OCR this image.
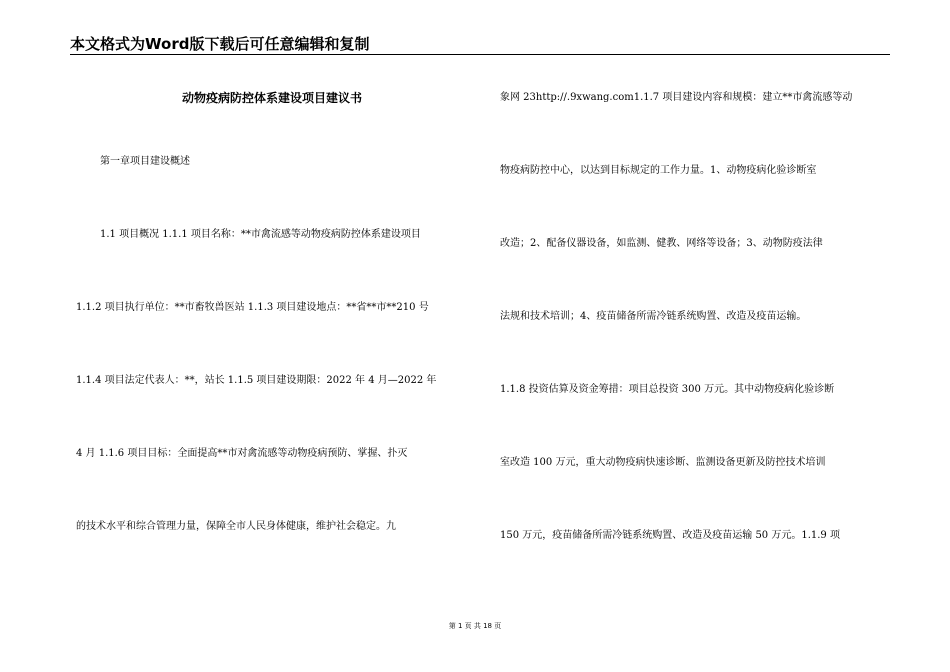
本文格式为Word版下载后可任意编辑和复制
动物疫病防控体系建设项目建议书
第一章项目建设概述
1.1 项目概况 1.1.1 项目名称：**市禽流感等动物疫病防控体系建设项目
1.1.2 项目执行单位：**市畜牧兽医站 1.1.3 项目建设地点：**省**市**210 号
1.1.4 项目法定代表人：**，站长 1.1.5 项目建设期限：2022 年 4 月—2022 年
4 月 1.1.6 项目目标：全面提高**市对禽流感等动物疫病预防、掌握、扑灭
的技术水平和综合管理力量，保障全市人民身体健康，维护社会稳定。九
象网 23http://.9xwang.com1.1.7 项目建设内容和规模：建立**市禽流感等动
物疫病防控中心，以达到目标规定的工作力量。1、动物疫病化验诊断室
改造；2、配备仪器设备，如监测、健教、网络等设备；3、动物防疫法律
法规和技术培训；4、疫苗储备所需冷链系统购置、改造及疫苗运输。
1.1.8 投资估算及资金筹措：项目总投资 300 万元。其中动物疫病化验诊断
室改造 100 万元，重大动物疫病快速诊断、监测设备更新及防控技术培训
150 万元，疫苗储备所需冷链系统购置、改造及疫苗运输 50 万元。1.1.9 项
第 1 页 共 18 页
